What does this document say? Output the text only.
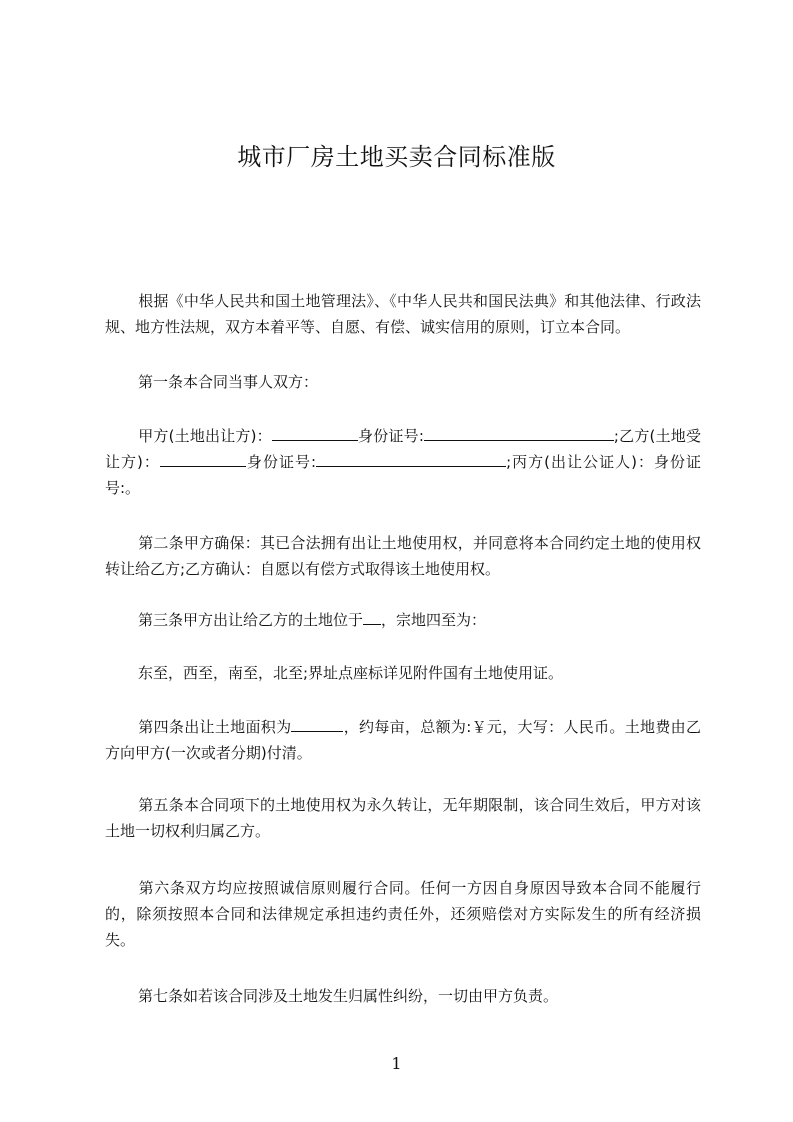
城市厂房土地买卖合同标准版
根据《中华人民共和国土地管理法》、《中华人民共和国民法典》和其他法律、行政法规、地方性法规，双方本着平等、自愿、有偿、诚实信用的原则，订立本合同。
第一条本合同当事人双方：
甲方(土地出让方)：	身份证号:	;乙方(土地受让方)：	身份证号:	;丙方(出让公证人)：身份证号:。
第二条甲方确保：其已合法拥有出让土地使用权，并同意将本合同约定土地的使用权转让给乙方;乙方确认：自愿以有偿方式取得该土地使用权。
第三条甲方出让给乙方的土地位于 ，宗地四至为：
东至，西至，南至，北至;界址点座标详见附件国有土地使用证。
第四条出让土地面积为	，约每亩，总额为:￥元，大写：人民币。土地费由乙方向甲方(一次或者分期)付清。
第五条本合同项下的土地使用权为永久转让，无年期限制，该合同生效后，甲方对该土地一切权利归属乙方。
第六条双方均应按照诚信原则履行合同。任何一方因自身原因导致本合同不能履行的，除须按照本合同和法律规定承担违约责任外，还须赔偿对方实际发生的所有经济损失。
第七条如若该合同涉及土地发生归属性纠纷，一切由甲方负责。
1
